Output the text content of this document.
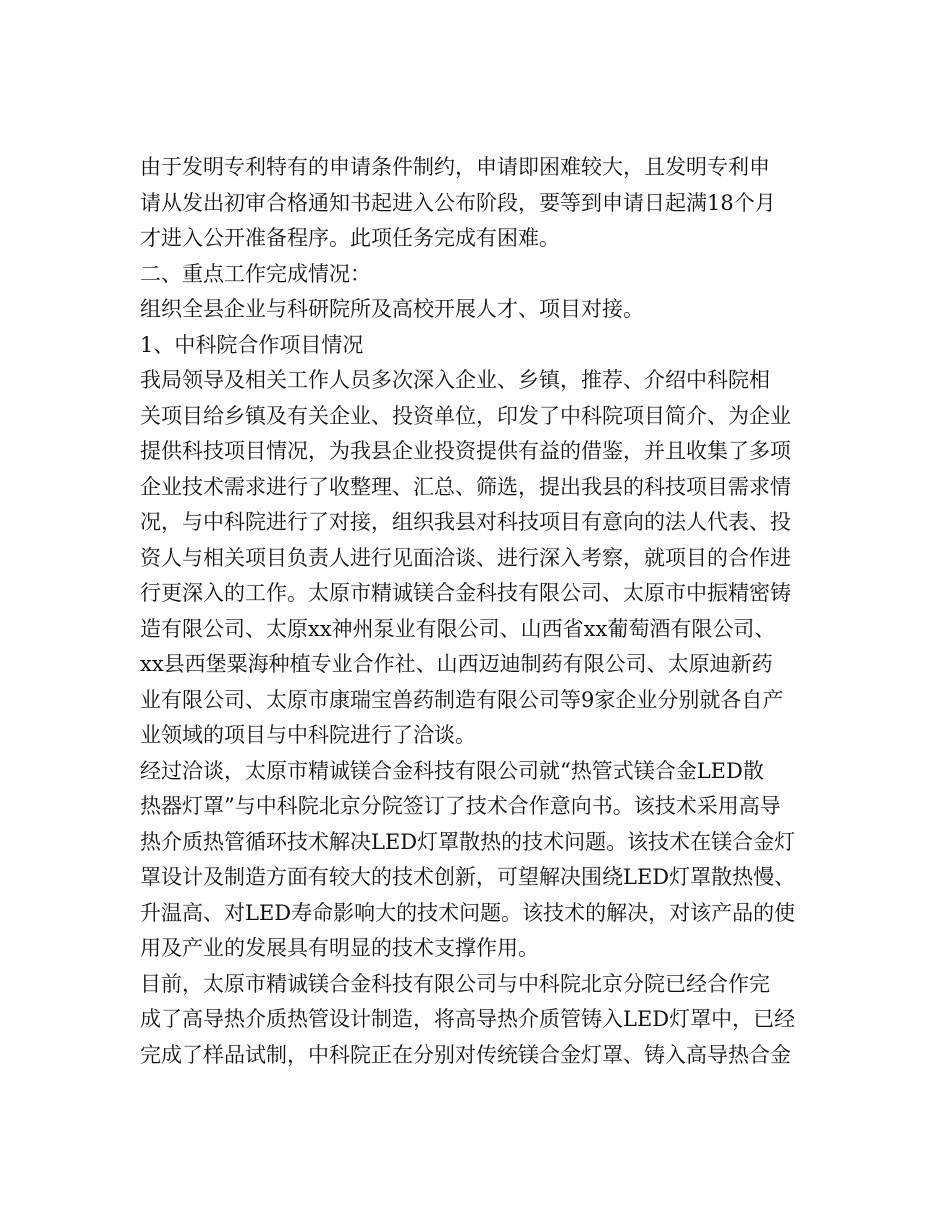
由于发明专利特有的申请条件制约，申请即困难较大，且发明专利申
请从发出初审合格通知书起进入公布阶段，要等到申请日起满18个月
才进入公开准备程序。此项任务完成有困难。
二、重点工作完成情况：
组织全县企业与科研院所及高校开展人才、项目对接。
1、中科院合作项目情况
我局领导及相关工作人员多次深入企业、乡镇，推荐、介绍中科院相
关项目给乡镇及有关企业、投资单位，印发了中科院项目简介、为企业
提供科技项目情况，为我县企业投资提供有益的借鉴，并且收集了多项
企业技术需求进行了收整理、汇总、筛选，提出我县的科技项目需求情
况，与中科院进行了对接，组织我县对科技项目有意向的法人代表、投
资人与相关项目负责人进行见面洽谈、进行深入考察，就项目的合作进
行更深入的工作。太原市精诚镁合金科技有限公司、太原市中振精密铸
造有限公司、太原xx神州泵业有限公司、山西省xx葡萄酒有限公司、
xx县西堡粟海种植专业合作社、山西迈迪制药有限公司、太原迪新药
业有限公司、太原市康瑞宝兽药制造有限公司等9家企业分别就各自产
业领域的项目与中科院进行了洽谈。
经过洽谈，太原市精诚镁合金科技有限公司就“热管式镁合金LED散
热器灯罩”与中科院北京分院签订了技术合作意向书。该技术采用高导
热介质热管循环技术解决LED灯罩散热的技术问题。该技术在镁合金灯
罩设计及制造方面有较大的技术创新，可望解决围绕LED灯罩散热慢、
升温高、对LED寿命影响大的技术问题。该技术的解决，对该产品的使
用及产业的发展具有明显的技术支撑作用。
目前，太原市精诚镁合金科技有限公司与中科院北京分院已经合作完
成了高导热介质热管设计制造，将高导热介质管铸入LED灯罩中，已经
完成了样品试制，中科院正在分别对传统镁合金灯罩、铸入高导热合金
